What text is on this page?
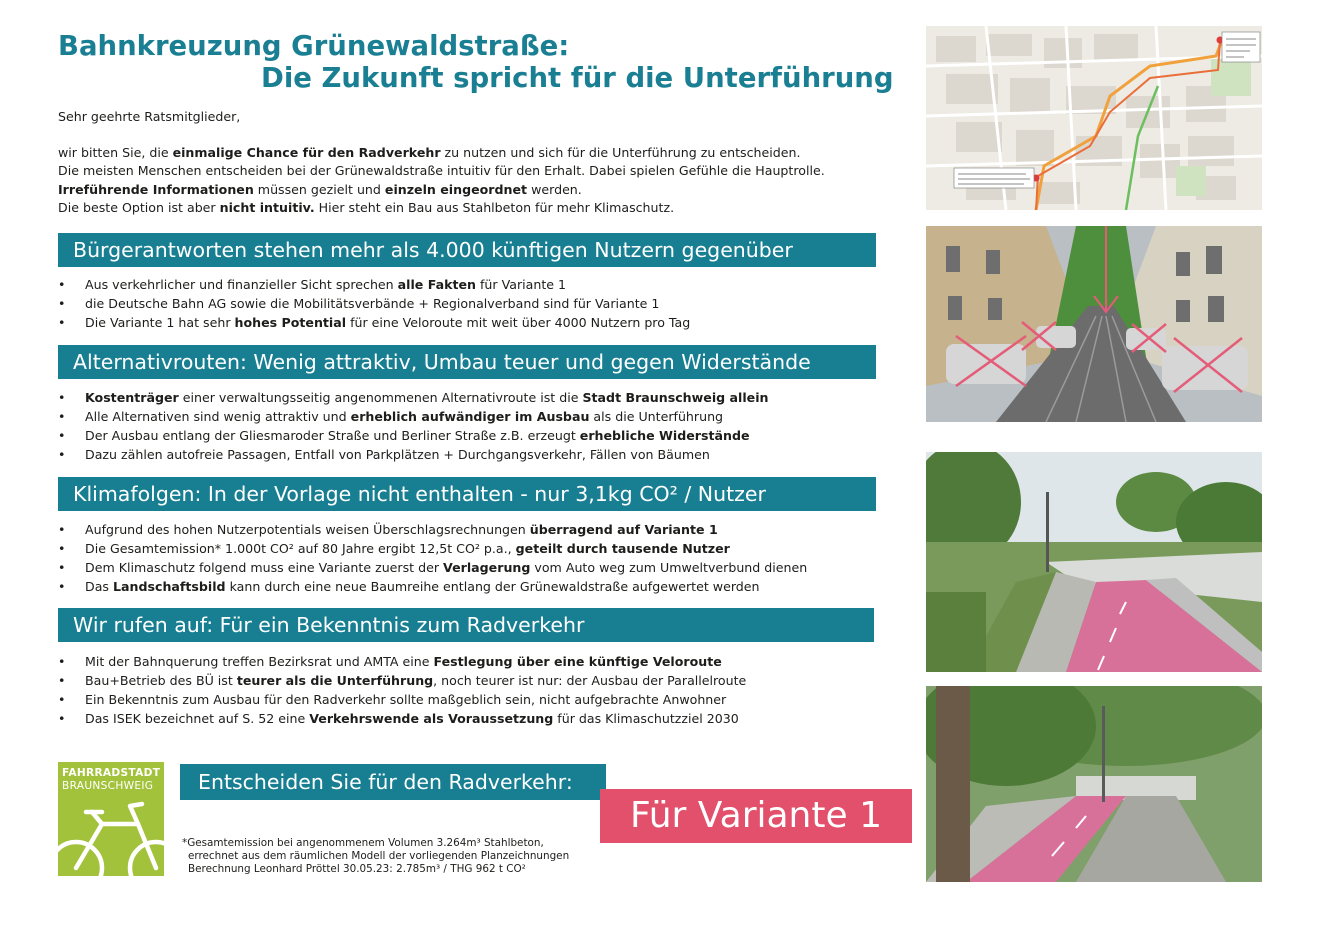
Bahnkreuzung Grünewaldstraße:

Die Zukunft spricht für die Unterführung

Sehr geehrte Ratsmitglieder,

wir bitten Sie, die einmalige Chance für den Radverkehr zu nutzen und sich für die Unterführung zu entscheiden.

Die meisten Menschen entscheiden bei der Grünewaldstraße intuitiv für den Erhalt. Dabei spielen Gefühle die Hauptrolle.

Irreführende Informationen müssen gezielt und einzeln eingeordnet werden.

Die beste Option ist aber nicht intuitiv. Hier steht ein Bau aus Stahlbeton für mehr Klimaschutz.

Bürgerantworten stehen mehr als 4.000 künftigen Nutzern gegenüber
• Aus verkehrlicher und finanzieller Sicht sprechen alle Fakten für Variante 1
• die Deutsche Bahn AG sowie die Mobilitätsverbände + Regionalverband sind für Variante 1
• Die Variante 1 hat sehr hohes Potential für eine Veloroute mit weit über 4000 Nutzern pro Tag
Alternativrouten: Wenig attraktiv, Umbau teuer und gegen Widerstände
• Kostenträger einer verwaltungsseitig angenommenen Alternativroute ist die Stadt Braunschweig allein
• Alle Alternativen sind wenig attraktiv und erheblich aufwändiger im Ausbau als die Unterführung
• Der Ausbau entlang der Gliesmaroder Straße und Berliner Straße z.B. erzeugt erhebliche Widerstände
• Dazu zählen autofreie Passagen, Entfall von Parkplätzen + Durchgangsverkehr, Fällen von Bäumen
Klimafolgen: In der Vorlage nicht enthalten - nur 3,1kg CO² / Nutzer
• Aufgrund des hohen Nutzerpotentials weisen Überschlagsrechnungen überragend auf Variante 1
• Die Gesamtemission* 1.000t CO² auf 80 Jahre ergibt 12,5t CO² p.a., geteilt durch tausende Nutzer
• Dem Klimaschutz folgend muss eine Variante zuerst der Verlagerung vom Auto weg zum Umweltverbund dienen
• Das Landschaftsbild kann durch eine neue Baumreihe entlang der Grünewaldstraße aufgewertet werden
Wir rufen auf: Für ein Bekenntnis zum Radverkehr
• Mit der Bahnquerung treffen Bezirksrat und AMTA eine Festlegung über eine künftige Veloroute
• Bau+Betrieb des BÜ ist teurer als die Unterführung, noch teurer ist nur: der Ausbau der Parallelroute
• Ein Bekenntnis zum Ausbau für den Radverkehr sollte maßgeblich sein, nicht aufgebrachte Anwohner
• Das ISEK bezeichnet auf S. 52 eine Verkehrswende als Voraussetzung für das Klimaschutzziel 2030
FAHRRADSTADT
BRAUNSCHWEIG	Entscheiden Sie für den Radverkehr:
Für Variante 1
*Gesamtemission bei angenommenem Volumen 3.264m³ Stahlbeton,
errechnet aus dem räumlichen Modell der vorliegenden Planzeichnungen
Berechnung Leonhard Pröttel 30.05.23: 2.785m³ / THG 962 t CO²
